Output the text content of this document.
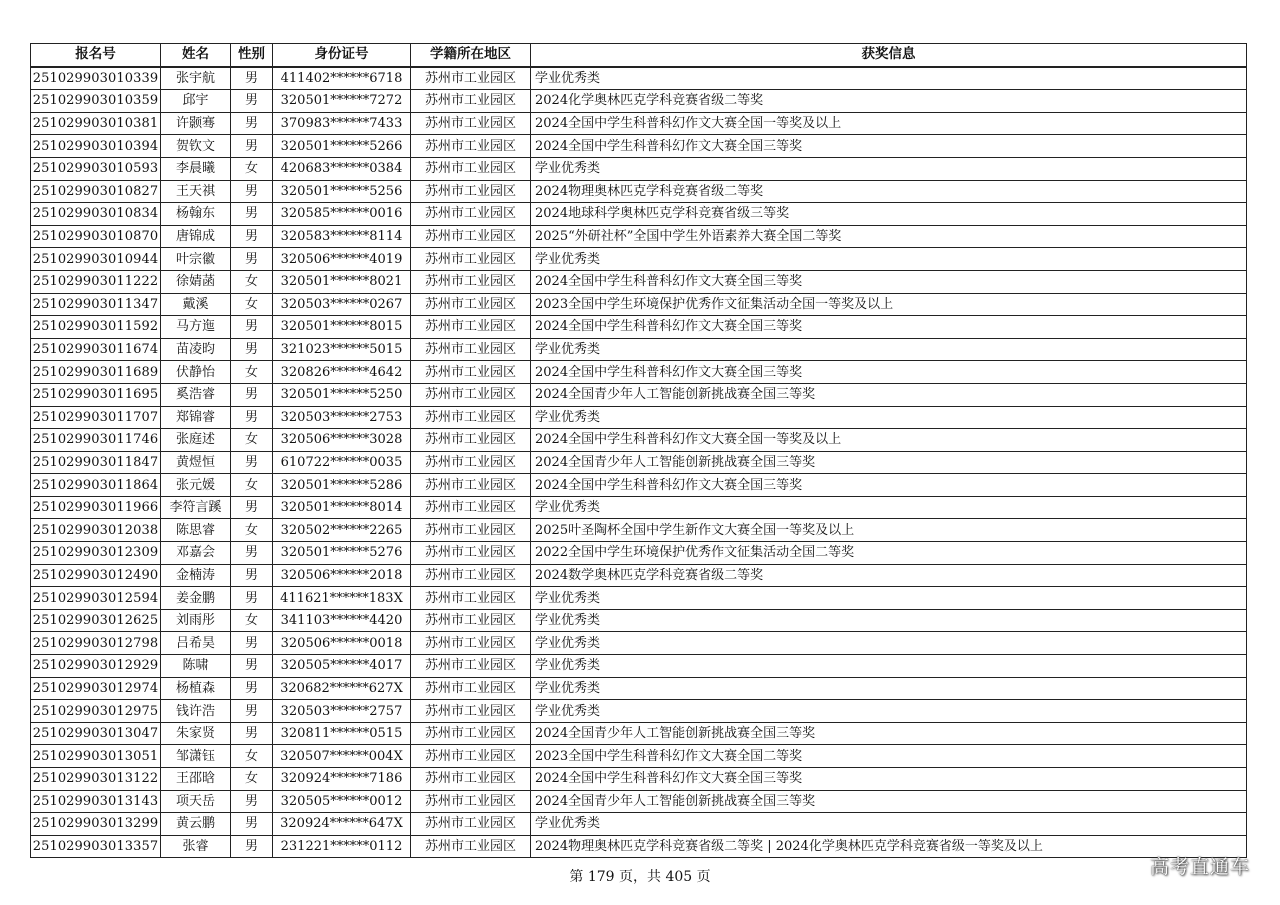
报名号	姓名	性别	身份证号	学籍所在地区	获奖信息
251029903010339	张宇航	男	411402******6718	苏州市工业园区	学业优秀类
251029903010359	邱宇	男	320501******7272	苏州市工业园区	2024化学奥林匹克学科竞赛省级二等奖
251029903010381	许颢骞	男	370983******7433	苏州市工业园区	2024全国中学生科普科幻作文大赛全国一等奖及以上
251029903010394	贺钦文	男	320501******5266	苏州市工业园区	2024全国中学生科普科幻作文大赛全国三等奖
251029903010593	李晨曦	女	420683******0384	苏州市工业园区	学业优秀类
251029903010827	王天祺	男	320501******5256	苏州市工业园区	2024物理奥林匹克学科竞赛省级二等奖
251029903010834	杨翰东	男	320585******0016	苏州市工业园区	2024地球科学奥林匹克学科竞赛省级三等奖
251029903010870	唐锦成	男	320583******8114	苏州市工业园区	2025“外研社杯”全国中学生外语素养大赛全国二等奖
251029903010944	叶宗徽	男	320506******4019	苏州市工业园区	学业优秀类
251029903011222	徐婧菡	女	320501******8021	苏州市工业园区	2024全国中学生科普科幻作文大赛全国三等奖
251029903011347	戴溪	女	320503******0267	苏州市工业园区	2023全国中学生环境保护优秀作文征集活动全国一等奖及以上
251029903011592	马方迤	男	320501******8015	苏州市工业园区	2024全国中学生科普科幻作文大赛全国三等奖
251029903011674	苗凌昀	男	321023******5015	苏州市工业园区	学业优秀类
251029903011689	伏静怡	女	320826******4642	苏州市工业园区	2024全国中学生科普科幻作文大赛全国三等奖
251029903011695	奚浩睿	男	320501******5250	苏州市工业园区	2024全国青少年人工智能创新挑战赛全国三等奖
251029903011707	郑锦睿	男	320503******2753	苏州市工业园区	学业优秀类
251029903011746	张庭述	女	320506******3028	苏州市工业园区	2024全国中学生科普科幻作文大赛全国一等奖及以上
251029903011847	黄煜恒	男	610722******0035	苏州市工业园区	2024全国青少年人工智能创新挑战赛全国三等奖
251029903011864	张元媛	女	320501******5286	苏州市工业园区	2024全国中学生科普科幻作文大赛全国三等奖
251029903011966	李符言蹊	男	320501******8014	苏州市工业园区	学业优秀类
251029903012038	陈思睿	女	320502******2265	苏州市工业园区	2025叶圣陶杯全国中学生新作文大赛全国一等奖及以上
251029903012309	邓嘉会	男	320501******5276	苏州市工业园区	2022全国中学生环境保护优秀作文征集活动全国二等奖
251029903012490	金楠涛	男	320506******2018	苏州市工业园区	2024数学奥林匹克学科竞赛省级二等奖
251029903012594	姜金鹏	男	411621******183X	苏州市工业园区	学业优秀类
251029903012625	刘雨彤	女	341103******4420	苏州市工业园区	学业优秀类
251029903012798	吕希昊	男	320506******0018	苏州市工业园区	学业优秀类
251029903012929	陈啸	男	320505******4017	苏州市工业园区	学业优秀类
251029903012974	杨植森	男	320682******627X	苏州市工业园区	学业优秀类
251029903012975	钱许浩	男	320503******2757	苏州市工业园区	学业优秀类
251029903013047	朱家贤	男	320811******0515	苏州市工业园区	2024全国青少年人工智能创新挑战赛全国三等奖
251029903013051	邹潇钰	女	320507******004X	苏州市工业园区	2023全国中学生科普科幻作文大赛全国二等奖
251029903013122	王邵晗	女	320924******7186	苏州市工业园区	2024全国中学生科普科幻作文大赛全国三等奖
251029903013143	项天岳	男	320505******0012	苏州市工业园区	2024全国青少年人工智能创新挑战赛全国三等奖
251029903013299	黄云鹏	男	320924******647X	苏州市工业园区	学业优秀类
251029903013357	张睿	男	231221******0112	苏州市工业园区	2024物理奥林匹克学科竞赛省级二等奖 | 2024化学奥林匹克学科竞赛省级一等奖及以上
第 179 页，共 405 页	高考直通车
